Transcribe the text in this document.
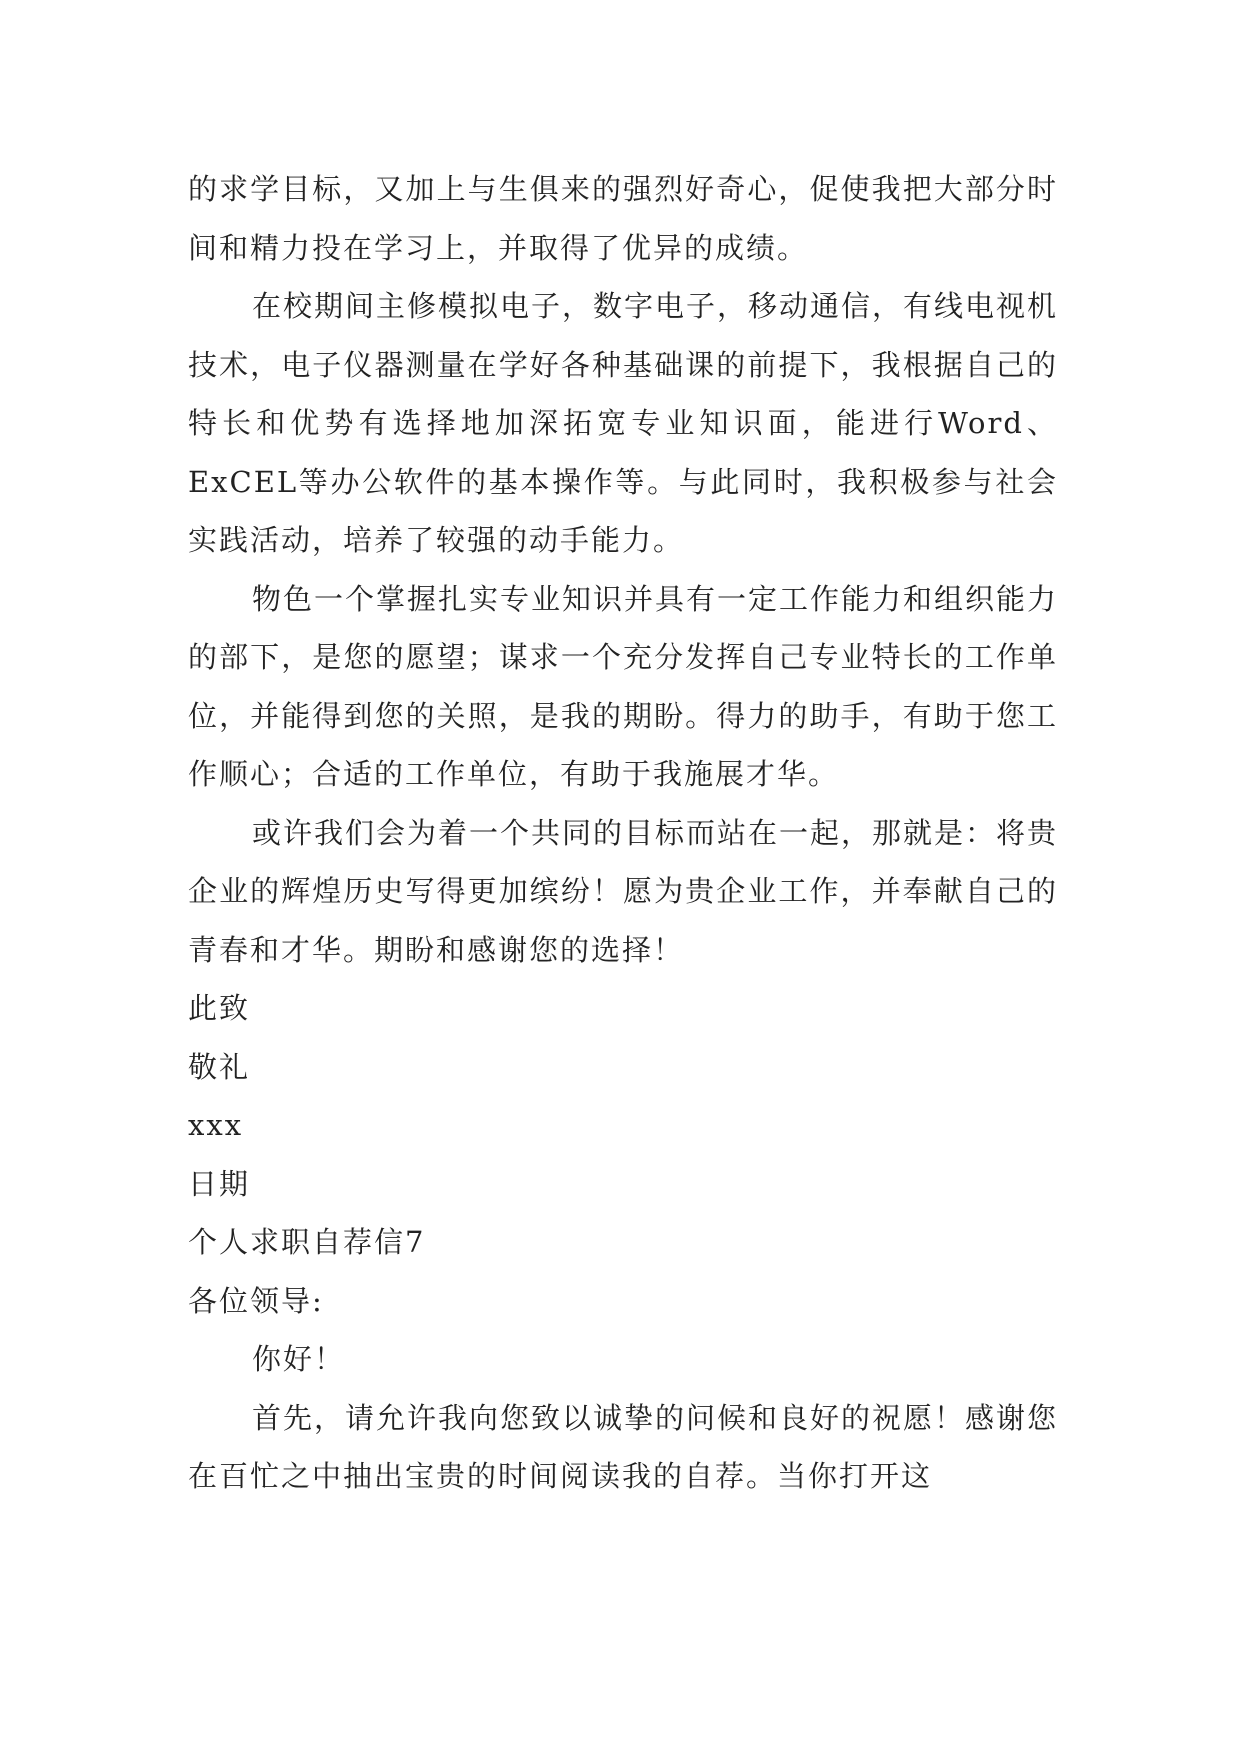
的求学目标，又加上与生俱来的强烈好奇心，促使我把大部分时间和精力投在学习上，并取得了优异的成绩。

在校期间主修模拟电子，数字电子，移动通信，有线电视机技术，电子仪器测量在学好各种基础课的前提下，我根据自己的特长和优势有选择地加深拓宽专业知识面，能进行Word、ExCEL等办公软件的基本操作等。与此同时，我积极参与社会实践活动，培养了较强的动手能力。

物色一个掌握扎实专业知识并具有一定工作能力和组织能力的部下，是您的愿望；谋求一个充分发挥自己专业特长的工作单位，并能得到您的关照，是我的期盼。得力的助手，有助于您工作顺心；合适的工作单位，有助于我施展才华。

或许我们会为着一个共同的目标而站在一起，那就是：将贵企业的辉煌历史写得更加缤纷！愿为贵企业工作，并奉献自己的青春和才华。期盼和感谢您的选择！

此致

敬礼

xxx

日期

个人求职自荐信7

各位领导:

你好！

首先，请允许我向您致以诚挚的问候和良好的祝愿！感谢您在百忙之中抽出宝贵的时间阅读我的自荐。当你打开这
